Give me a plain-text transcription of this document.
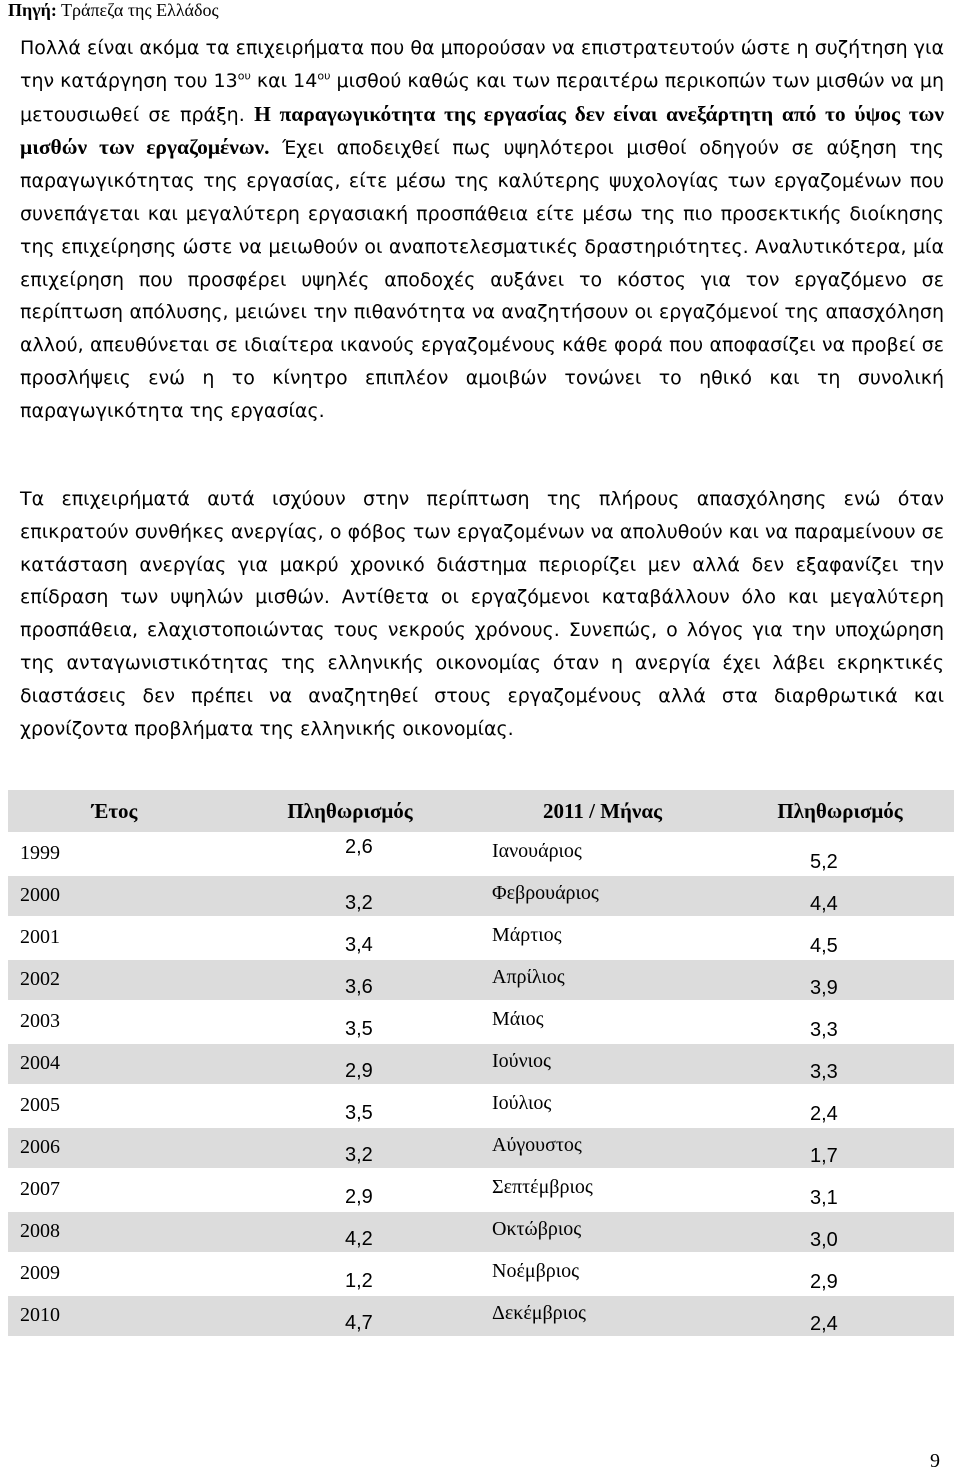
Πηγή: Τράπεζα της Ελλάδος
Πολλά είναι ακόμα τα επιχειρήματα που θα μπορούσαν να επιστρατευτούν ώστε η συζήτηση για την κατάργηση του $13^{o\upsilon}$ και $14^{o\upsilon}$ μισθού καθώς και των περαιτέρω περικοπών των μισθών να μη μετουσιωθεί σε πράξη. Η παραγωγικότητα της εργασίας δεν είναι ανεξάρτητη από το ύψος των μισθών των εργαζομένων. Έχει αποδειχθεί πως υψηλότεροι μισθοί οδηγούν σε αύξηση της παραγωγικότητας της εργασίας, είτε μέσω της καλύτερης ψυχολογίας των εργαζομένων που συνεπάγεται και μεγαλύτερη εργασιακή προσπάθεια είτε μέσω της πιο προσεκτικής διοίκησης της επιχείρησης ώστε να μειωθούν οι αναποτελεσματικές δραστηριότητες. Αναλυτικότερα, μία επιχείρηση που προσφέρει υψηλές αποδοχές αυξάνει το κόστος για τον εργαζόμενο σε περίπτωση απόλυσης, μειώνει την πιθανότητα να αναζητήσουν οι εργαζόμενοί της απασχόληση αλλού, απευθύνεται σε ιδιαίτερα ικανούς εργαζομένους κάθε φορά που αποφασίζει να προβεί σε προσλήψεις ενώ η το κίνητρο επιπλέον αμοιβών τονώνει το ηθικό και τη συνολική παραγωγικότητα της εργασίας.
Τα επιχειρήματά αυτά ισχύουν στην περίπτωση της πλήρους απασχόλησης ενώ όταν επικρατούν συνθήκες ανεργίας, ο φόβος των εργαζομένων να απολυθούν και να παραμείνουν σε κατάσταση ανεργίας για μακρύ χρονικό διάστημα περιορίζει μεν αλλά δεν εξαφανίζει την επίδραση των υψηλών μισθών. Αντίθετα οι εργαζόμενοι καταβάλλουν όλο και μεγαλύτερη προσπάθεια, ελαχιστοποιώντας τους νεκρούς χρόνους. Συνεπώς, ο λόγος για την υποχώρηση της ανταγωνιστικότητας της ελληνικής οικονομίας όταν η ανεργία έχει λάβει εκρηκτικές διαστάσεις δεν πρέπει να αναζητηθεί στους εργαζομένους αλλά στα διαρθρωτικά και χρονίζοντα προβλήματα της ελληνικής οικονομίας.
Έτος	Πληθωρισμός	2011 / Μήνας	Πληθωρισμός

1999	2,6	Ιανουάριος	5,2

2000	3,2	Φεβρουάριος	4,4

2001	3,4	Μάρτιος	4,5

2002	3,6	Απρίλιος	3,9

2003	3,5	Μάιος	3,3

2004	2,9	Ιούνιος	3,3

2005	3,5	Ιούλιος	2,4

2006	3,2	Αύγουστος	1,7

2007	2,9	Σεπτέμβριος	3,1

2008	4,2	Οκτώβριος	3,0

2009	1,2	Νοέμβριος	2,9

2010	4,7	Δεκέμβριος	2,4
9
